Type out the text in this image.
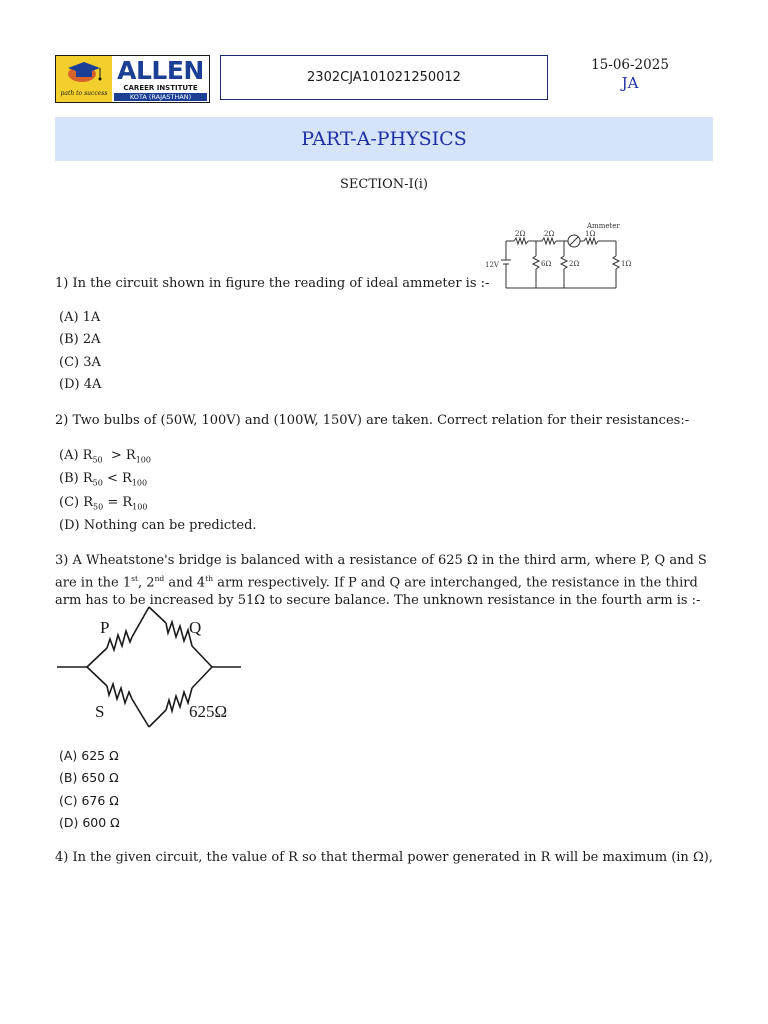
path to success
ALLEN
CAREER INSTITUTE
KOTA (RAJASTHAN)
2302CJA101021250012
15-06-2025
JA
PART-A-PHYSICS
SECTION-I(i)
Ammeter
2Ω	2Ω	1Ω
12V	6Ω	2Ω	1Ω
1) In the circuit shown in figure the reading of ideal ammeter is :-
(A) 1A
(B) 2A
(C) 3A
(D) 4A
2) Two bulbs of (50W, 100V) and (100W, 150V) are taken. Correct relation for their resistances:-
(A) $R_{50} > R_{100}$
(B) $R_{50} < R_{100}$
(C) $R_{50} = R_{100}$
(D) Nothing can be predicted.
3) A Wheatstone's bridge is balanced with a resistance of 625 Ω in the third arm, where P, Q and S
are in the 1st, 2nd and 4th arm respectively. If P and Q are interchanged, the resistance in the third
arm has to be increased by 51Ω to secure balance. The unknown resistance in the fourth arm is :-
P	Q
S	625Ω
(A) 625 Ω
(B) 650 Ω
(C) 676 Ω
(D) 600 Ω
4) In the given circuit, the value of R so that thermal power generated in R will be maximum (in Ω),
